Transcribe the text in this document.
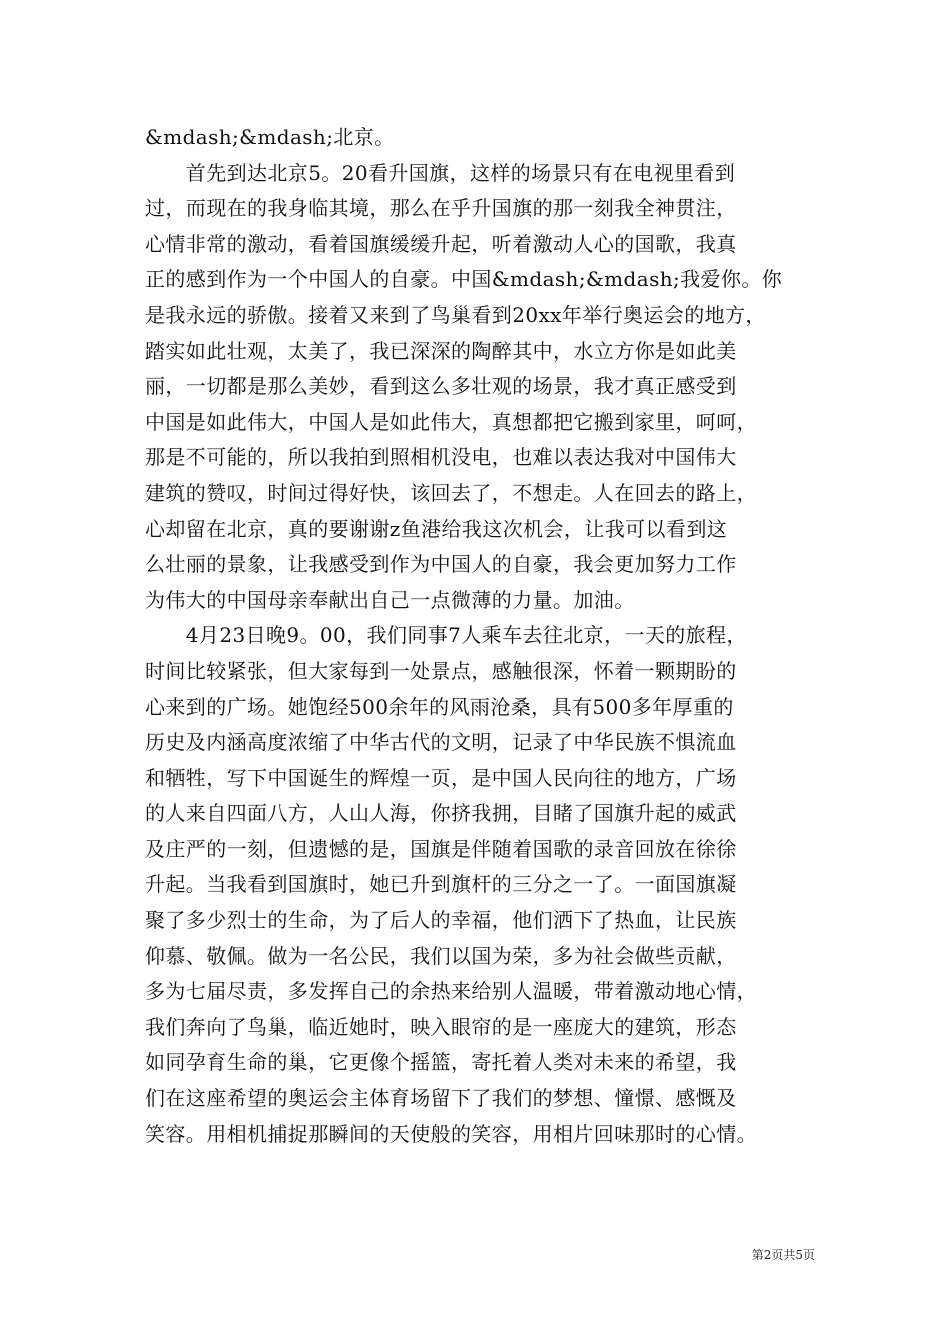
&mdash;&mdash;北京。
　　首先到达北京5。20看升国旗，这样的场景只有在电视里看到
过，而现在的我身临其境，那么在乎升国旗的那一刻我全神贯注，
心情非常的激动，看着国旗缓缓升起，听着激动人心的国歌，我真
正的感到作为一个中国人的自豪。中国&mdash;&mdash;我爱你。你
是我永远的骄傲。接着又来到了鸟巢看到20xx年举行奥运会的地方，
踏实如此壮观，太美了，我已深深的陶醉其中，水立方你是如此美
丽，一切都是那么美妙，看到这么多壮观的场景，我才真正感受到
中国是如此伟大，中国人是如此伟大，真想都把它搬到家里，呵呵，
那是不可能的，所以我拍到照相机没电，也难以表达我对中国伟大
建筑的赞叹，时间过得好快，该回去了，不想走。人在回去的路上，
心却留在北京，真的要谢谢z鱼港给我这次机会，让我可以看到这
么壮丽的景象，让我感受到作为中国人的自豪，我会更加努力工作
为伟大的中国母亲奉献出自己一点微薄的力量。加油。
　　4月23日晚9。00，我们同事7人乘车去往北京，一天的旅程，
时间比较紧张，但大家每到一处景点，感触很深，怀着一颗期盼的
心来到的广场。她饱经500余年的风雨沧桑，具有500多年厚重的
历史及内涵高度浓缩了中华古代的文明，记录了中华民族不惧流血
和牺牲，写下中国诞生的辉煌一页，是中国人民向往的地方，广场
的人来自四面八方，人山人海，你挤我拥，目睹了国旗升起的威武
及庄严的一刻，但遗憾的是，国旗是伴随着国歌的录音回放在徐徐
升起。当我看到国旗时，她已升到旗杆的三分之一了。一面国旗凝
聚了多少烈士的生命，为了后人的幸福，他们洒下了热血，让民族
仰慕、敬佩。做为一名公民，我们以国为荣，多为社会做些贡献，
多为七届尽责，多发挥自己的余热来给别人温暖，带着激动地心情，
我们奔向了鸟巢，临近她时，映入眼帘的是一座庞大的建筑，形态
如同孕育生命的巢，它更像个摇篮，寄托着人类对未来的希望，我
们在这座希望的奥运会主体育场留下了我们的梦想、憧憬、感慨及
笑容。用相机捕捉那瞬间的天使般的笑容，用相片回味那时的心情。
第2页共5页
